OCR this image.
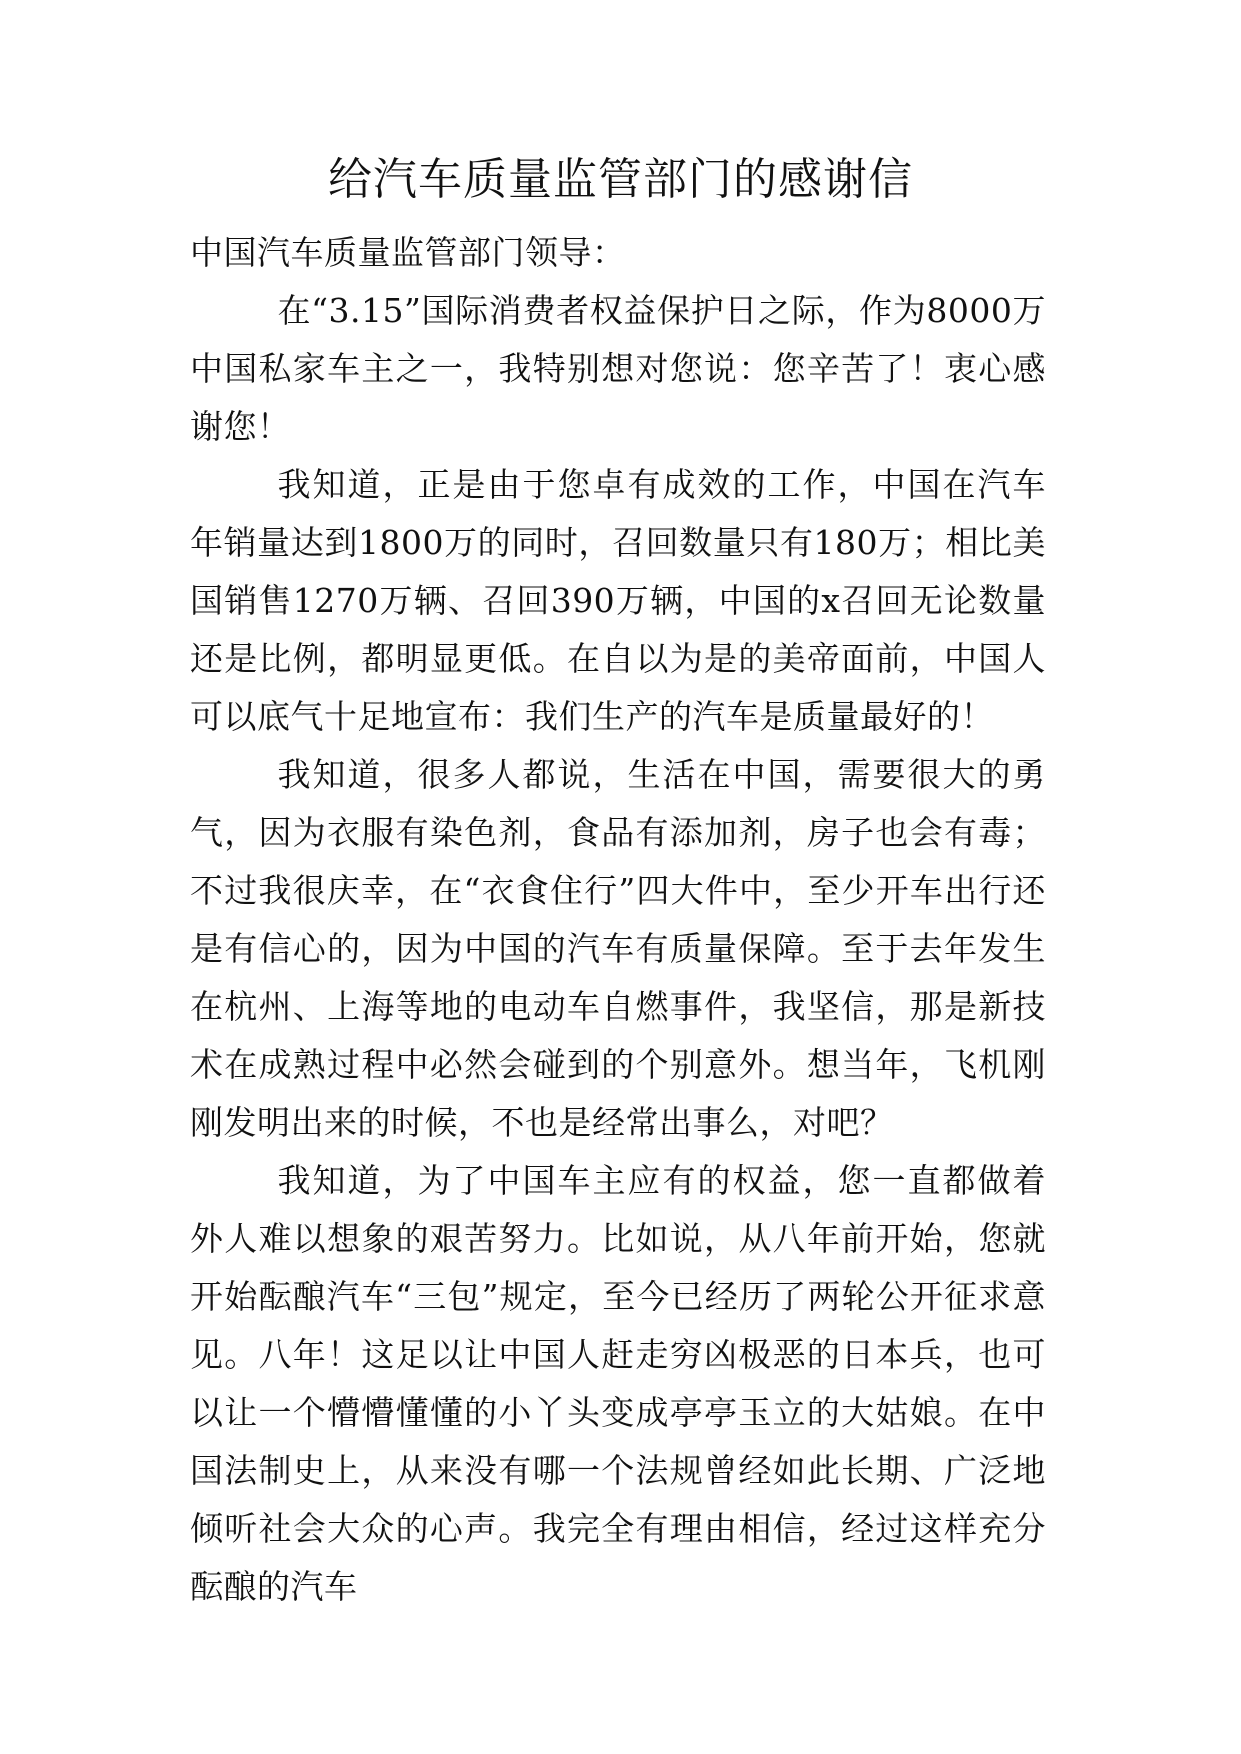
给汽车质量监管部门的感谢信

中国汽车质量监管部门领导：

在“3.15”国际消费者权益保护日之际，作为8000万中国私家车主之一，我特别想对您说：您辛苦了！衷心感谢您！

我知道，正是由于您卓有成效的工作，中国在汽车年销量达到1800万的同时，召回数量只有180万；相比美国销售1270万辆、召回390万辆，中国的x召回无论数量还是比例，都明显更低。在自以为是的美帝面前，中国人可以底气十足地宣布：我们生产的汽车是质量最好的！

我知道，很多人都说，生活在中国，需要很大的勇气，因为衣服有染色剂，食品有添加剂，房子也会有毒；不过我很庆幸，在“衣食住行”四大件中，至少开车出行还是有信心的，因为中国的汽车有质量保障。至于去年发生在杭州、上海等地的电动车自燃事件，我坚信，那是新技术在成熟过程中必然会碰到的个别意外。想当年，飞机刚刚发明出来的时候，不也是经常出事么，对吧？

我知道，为了中国车主应有的权益，您一直都做着外人难以想象的艰苦努力。比如说，从八年前开始，您就开始酝酿汽车“三包”规定，至今已经历了两轮公开征求意见。八年！这足以让中国人赶走穷凶极恶的日本兵，也可以让一个懵懵懂懂的小丫头变成亭亭玉立的大姑娘。在中国法制史上，从来没有哪一个法规曾经如此长期、广泛地倾听社会大众的心声。我完全有理由相信，经过这样充分酝酿的汽车
